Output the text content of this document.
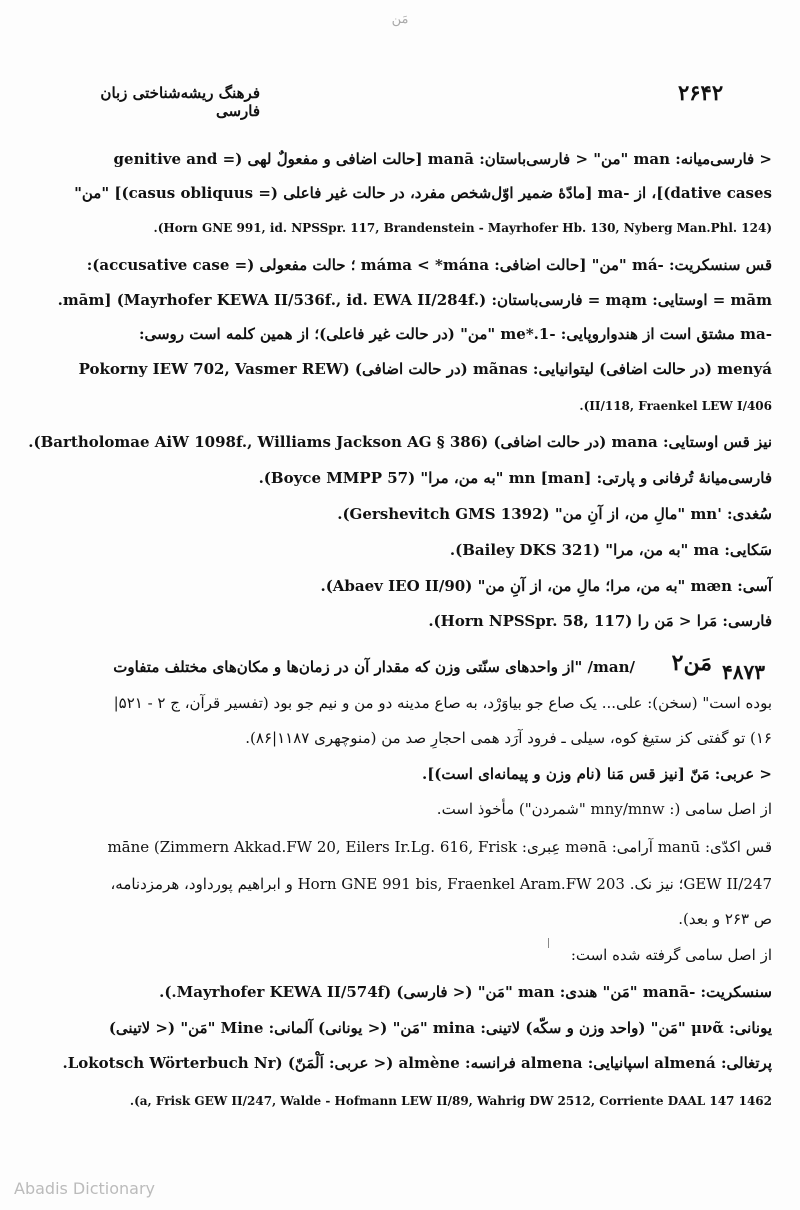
مَن
۲۶۴۲
فرهنگ ریشه‌شناختی زبان فارسی
< فارسی‌میانه: man "من" < فارسی‌باستان: manā [حالت اضافی و مفعولٌ لهی (= genitive and
dative cases)]، از -ma [مادّهٔ ضمیر اوّل‌شخص مفرد، در حالت غیر فاعلی (= casus obliquus)] "من"
(Horn GNE 991, id. NPSSpr. 117, Brandenstein - Mayrhofer Hb. 130, Nyberg Man.Phl. 124).
قس سنسکریت: -má "من" [حالت اضافی: máma < *mána ؛ حالت مفعولی (= accusative case):
mām = اوستایی: mąm = فارسی‌باستان: mām] (Mayrhofer KEWA II/536f., id. EWA II/284f.).
-ma مشتق است از هندواروپایی: -me*.1 "من" (در حالت غیر فاعلی)؛ از همین کلمه است روسی:
menyá (در حالت اضافی) لیتوانیایی: mãnas (در حالت اضافی) (Pokorny IEW 702, Vasmer REW
II/118, Fraenkel LEW I/406).
نیز قس اوستایی: mana (در حالت اضافی) (Bartholomae AiW 1098f., Williams Jackson AG § 386).
فارسی‌میانهٔ تُرفانی و پارتی: mn [man] "به من، مرا" (Boyce MMPP 57).
سُغدی: 'mn "مالِ من، از آنِ من" (Gershevitch GMS 1392).
سَکایی: ma "به من، مرا" (Bailey DKS 321).
آسی: mæn "به من، مرا؛ مالِ من، از آنِ من" (Abaev IEO II/90).
فارسی: مَرا < مَن را (Horn NPSSpr. 58, 117).
۴۸۷۳
مَن۲
/man/ "از واحدهای سنّتی وزن که مقدار آن در زمان‌ها و مکان‌های مختلف متفاوت
بوده است" (سخن): علی... یک صاع جو بیاوَرْد، به صاع مدینه دو من و نیم جو بود (تفسیر قرآن، ج ۲ - ۵۲۱|
۱۶) تو گفتی کز ستیغ کوه، سیلی ـ فرود آرَد همی احجارِ صد من (منوچهری ۱۱۸۷|۸۶).
< عربی: مَنّ [نیز قس مَنا (نام وزن و پیمانه‌ای است)].
از اصل سامی (: mny/mnw "شمردن") مأخوذ است.
قس اکدّی: manū آرامی: mənā عِبری: māne (Zimmern Akkad.FW 20, Eilers Ir.Lg. 616, Frisk
GEW II/247؛ نیز نک. Horn GNE 991 bis, Fraenkel Aram.FW 203 و ابراهیم پورداود، هرمزدنامه،
ص ۲۶۳ و بعد).
از اصل سامی گرفته شده است:
سنسکریت: -manā "مَن" هندی: man "مَن" (< فارسی) (Mayrhofer KEWA II/574f.).
یونانی: μνᾶ "مَن" (واحد وزن و سکّه) لاتینی: mina "مَن" (< یونانی) آلمانی: Mine "مَن" (< لاتینی)
پرتغالی: almená اسپانیایی: almena فرانسه: almène (< عربی: اَلْمَنّ) (Lokotsch Wörterbuch Nr.
1462 a, Frisk GEW II/247, Walde - Hofmann LEW II/89, Wahrig DW 2512, Corriente DAAL 147).
Abadis Dictionary
